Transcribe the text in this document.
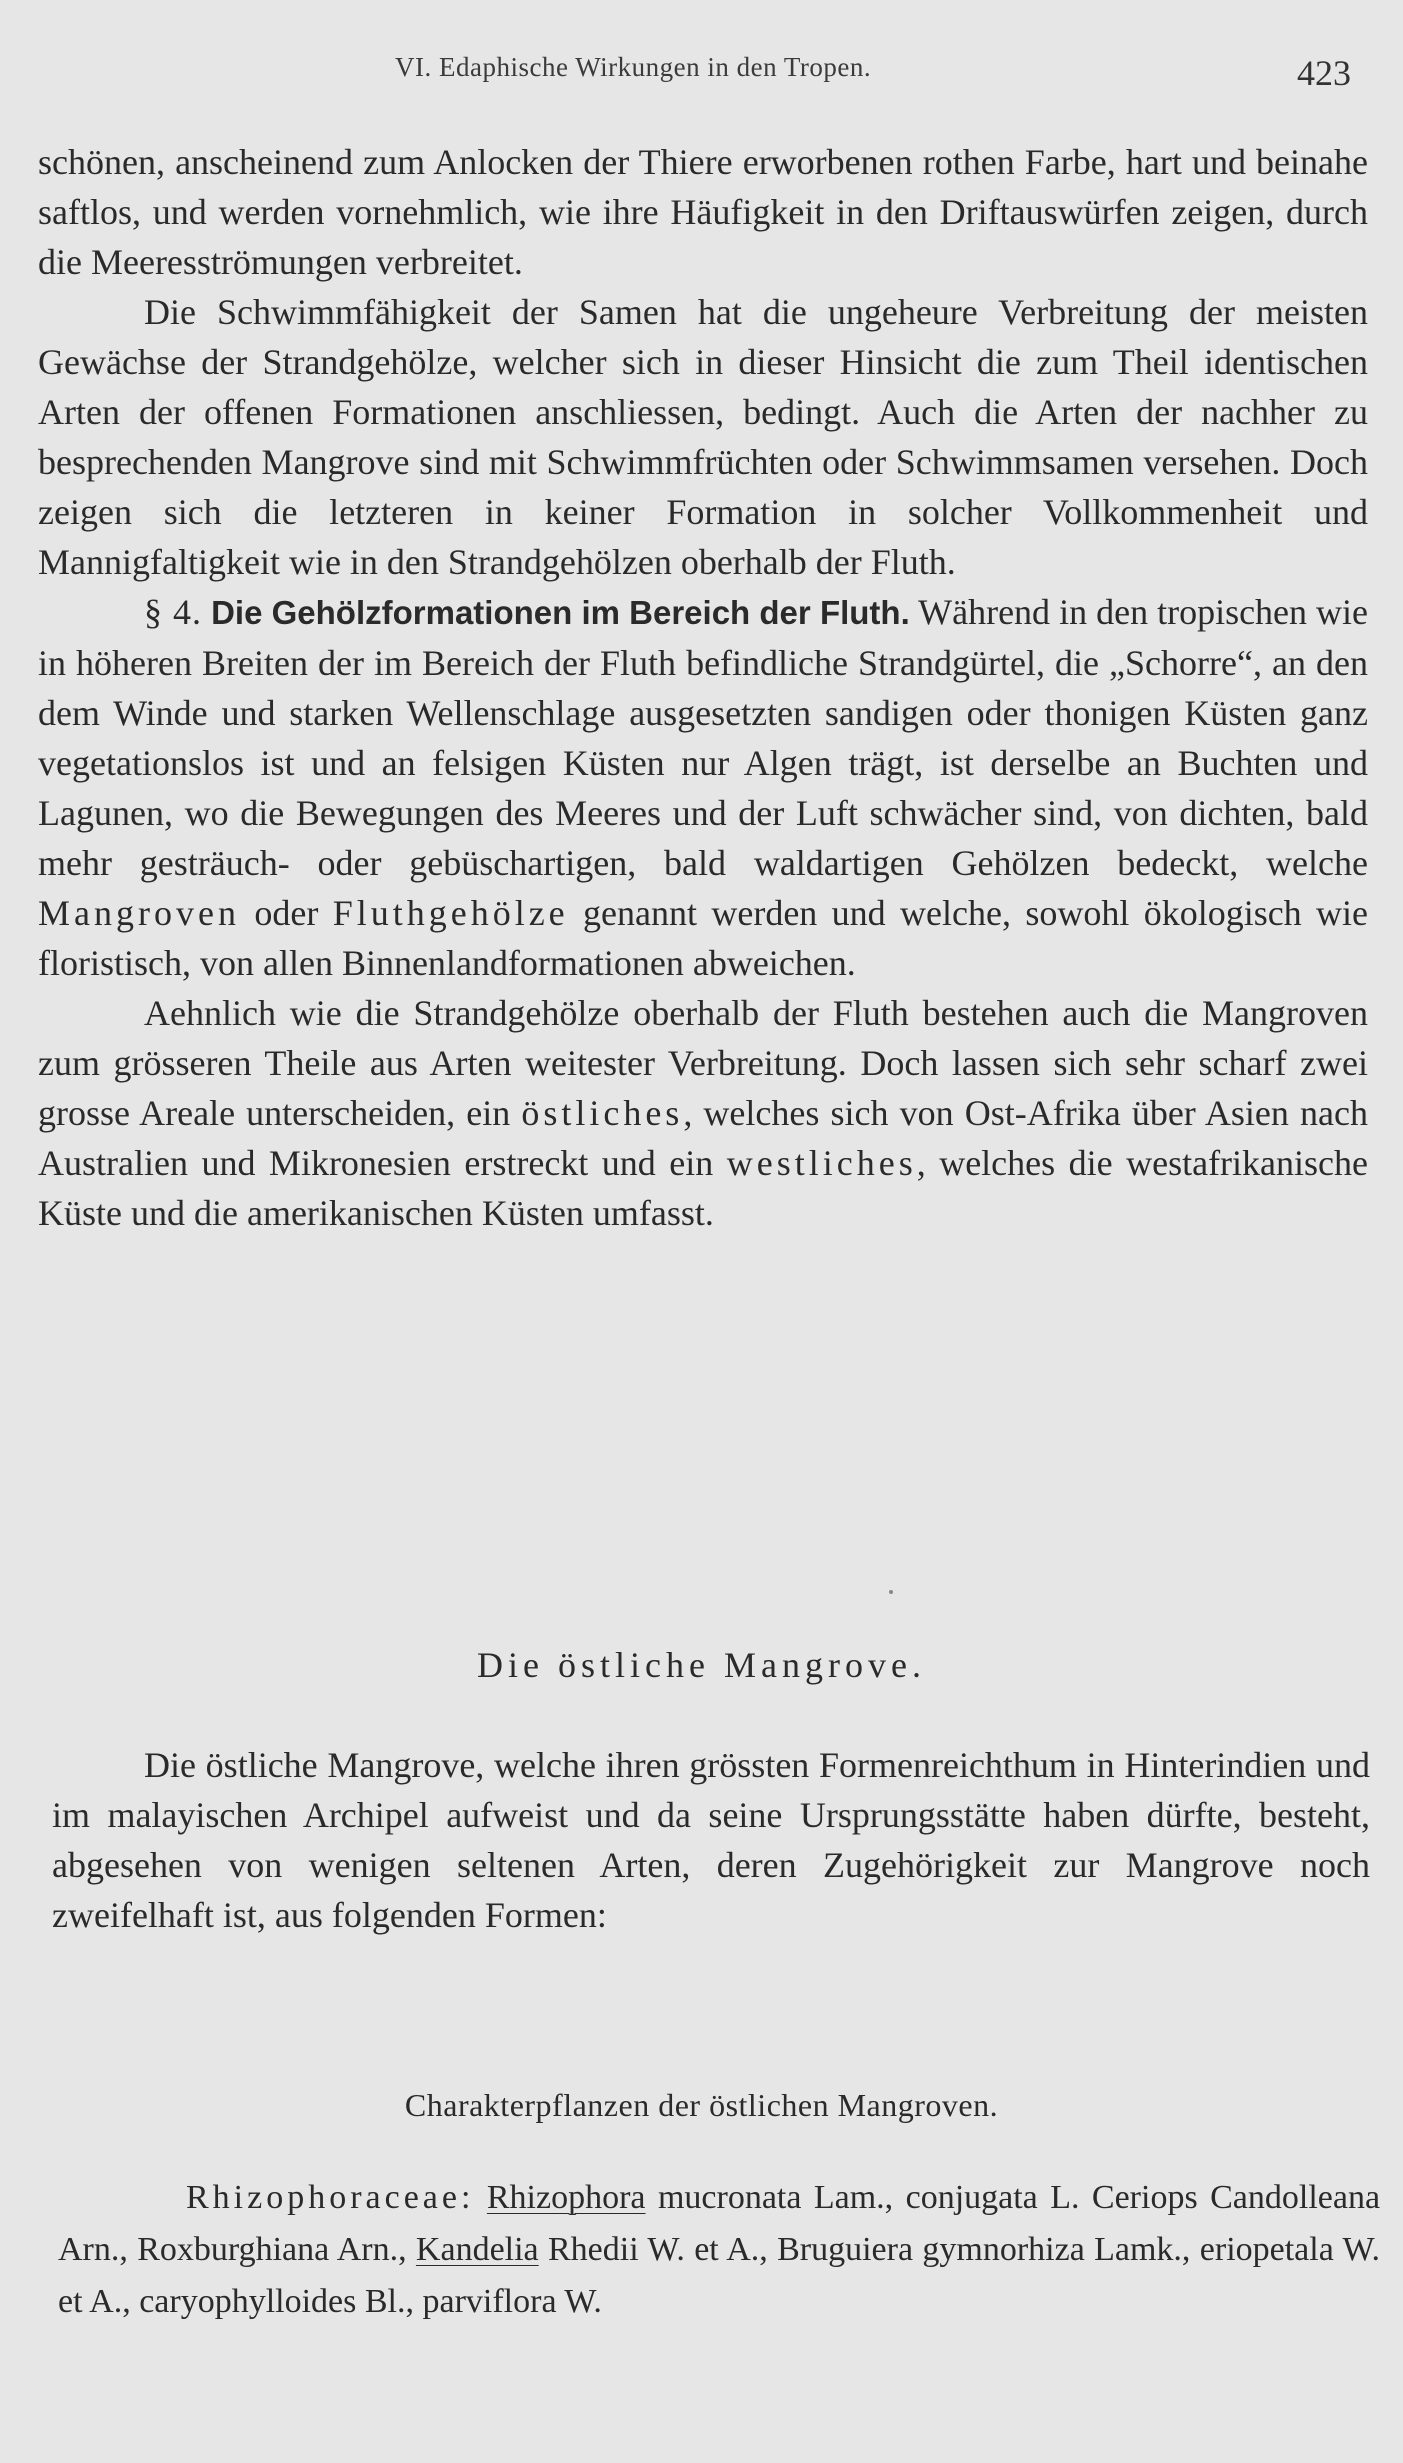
VI. Edaphische Wirkungen in den Tropen.	423

schönen, anscheinend zum Anlocken der Thiere erworbenen rothen Farbe, hart und beinahe saftlos, und werden vornehmlich, wie ihre Häufigkeit in den Driftauswürfen zeigen, durch die Meeresströmungen verbreitet.

Die Schwimmfähigkeit der Samen hat die ungeheure Verbreitung der meisten Gewächse der Strandgehölze, welcher sich in dieser Hinsicht die zum Theil identischen Arten der offenen Formationen anschliessen, bedingt. Auch die Arten der nachher zu besprechenden Mangrove sind mit Schwimmfrüchten oder Schwimmsamen versehen. Doch zeigen sich die letzteren in keiner Formation in solcher Vollkommenheit und Mannigfaltigkeit wie in den Strandgehölzen oberhalb der Fluth.

§ 4. Die Gehölzformationen im Bereich der Fluth. Während in den tropischen wie in höheren Breiten der im Bereich der Fluth befindliche Strandgürtel, die „Schorre“, an den dem Winde und starken Wellenschlage ausgesetzten sandigen oder thonigen Küsten ganz vegetationslos ist und an felsigen Küsten nur Algen trägt, ist derselbe an Buchten und Lagunen, wo die Bewegungen des Meeres und der Luft schwächer sind, von dichten, bald mehr gesträuch- oder gebüschartigen, bald waldartigen Gehölzen bedeckt, welche Mangroven oder Fluthgehölze genannt werden und welche, sowohl ökologisch wie floristisch, von allen Binnenlandformationen abweichen.

Aehnlich wie die Strandgehölze oberhalb der Fluth bestehen auch die Mangroven zum grösseren Theile aus Arten weitester Verbreitung. Doch lassen sich sehr scharf zwei grosse Areale unterscheiden, ein östliches, welches sich von Ost-Afrika über Asien nach Australien und Mikronesien erstreckt und ein westliches, welches die westafrikanische Küste und die amerikanischen Küsten umfasst.

Die östliche Mangrove.

Die östliche Mangrove, welche ihren grössten Formenreichthum in Hinterindien und im malayischen Archipel aufweist und da seine Ursprungsstätte haben dürfte, besteht, abgesehen von wenigen seltenen Arten, deren Zugehörigkeit zur Mangrove noch zweifelhaft ist, aus folgenden Formen:

Charakterpflanzen der östlichen Mangroven.
Rhizophoraceae: Rhizophora mucronata Lam., conjugata L. Ceriops Candolleana Arn., Roxburghiana Arn., Kandelia Rhedii W. et A., Bruguiera gymnorhiza Lamk., eriopetala W. et A., caryophylloides Bl., parviflora W.
